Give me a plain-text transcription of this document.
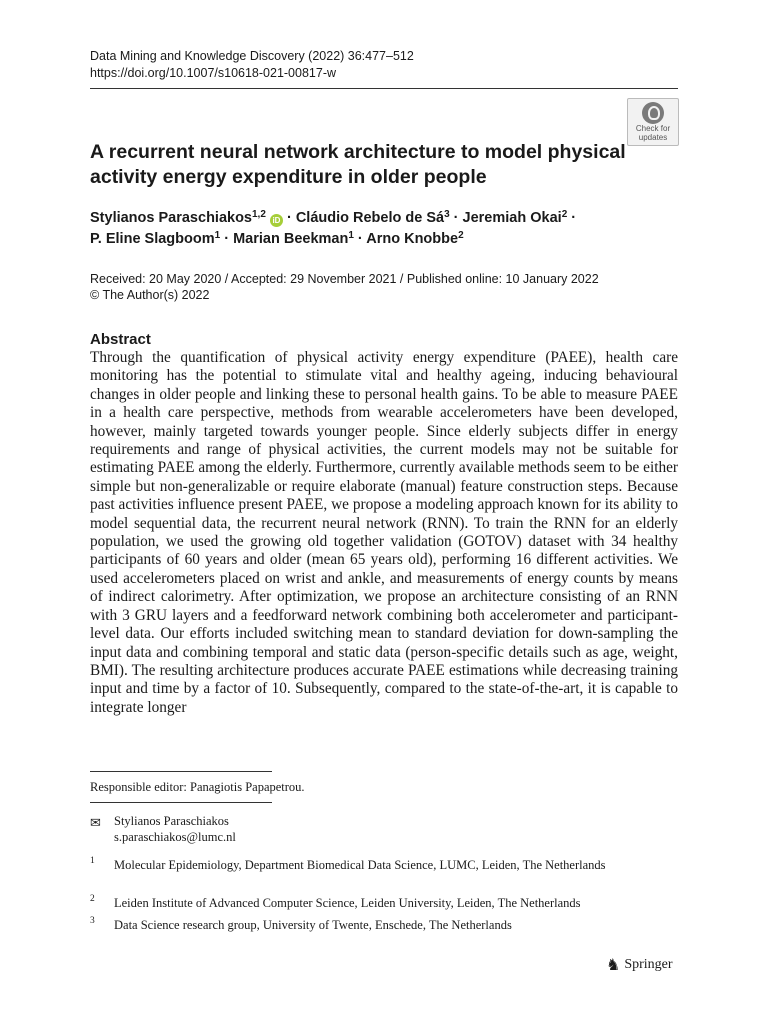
Data Mining and Knowledge Discovery (2022) 36:477–512
https://doi.org/10.1007/s10618-021-00817-w
Check for
updates
A recurrent neural network architecture to model physical activity energy expenditure in older people
Stylianos Paraschiakos$^{1,2}$ iD · Cláudio Rebelo de $Sá^3$ · Jeremiah Okai$^2$ ·
P. Eline Slagboom$^1$ · Marian Beekman$^1$ · Arno Knobbe$^2$
Received: 20 May 2020 / Accepted: 29 November 2021 / Published online: 10 January 2022
© The Author(s) 2022
Abstract

Through the quantification of physical activity energy expenditure (PAEE), health care monitoring has the potential to stimulate vital and healthy ageing, inducing behavioural changes in older people and linking these to personal health gains. To be able to measure PAEE in a health care perspective, methods from wearable accelerometers have been developed, however, mainly targeted towards younger people. Since elderly subjects differ in energy requirements and range of physical activities, the current models may not be suitable for estimating PAEE among the elderly. Furthermore, currently available methods seem to be either simple but non-generalizable or require elaborate (manual) feature construction steps. Because past activities influence present PAEE, we propose a modeling approach known for its ability to model sequential data, the recurrent neural network (RNN). To train the RNN for an elderly population, we used the growing old together validation (GOTOV) dataset with 34 healthy participants of 60 years and older (mean 65 years old), performing 16 different activities. We used accelerometers placed on wrist and ankle, and measurements of energy counts by means of indirect calorimetry. After optimization, we propose an architecture consisting of an RNN with 3 GRU layers and a feedforward network combining both accelerometer and participant-level data. Our efforts included switching mean to standard deviation for down-sampling the input data and combining temporal and static data (person-specific details such as age, weight, BMI). The resulting architecture produces accurate PAEE estimations while decreasing training input and time by a factor of 10. Subsequently, compared to the state-of-the-art, it is capable to integrate longer

Responsible editor: Panagiotis Papapetrou.
✉ Stylianos Paraschiakos
s.paraschiakos@lumc.nl
1 Molecular Epidemiology, Department Biomedical Data Science, LUMC, Leiden, The Netherlands
2 Leiden Institute of Advanced Computer Science, Leiden University, Leiden, The Netherlands
3 Data Science research group, University of Twente, Enschede, The Netherlands
♞ Springer
